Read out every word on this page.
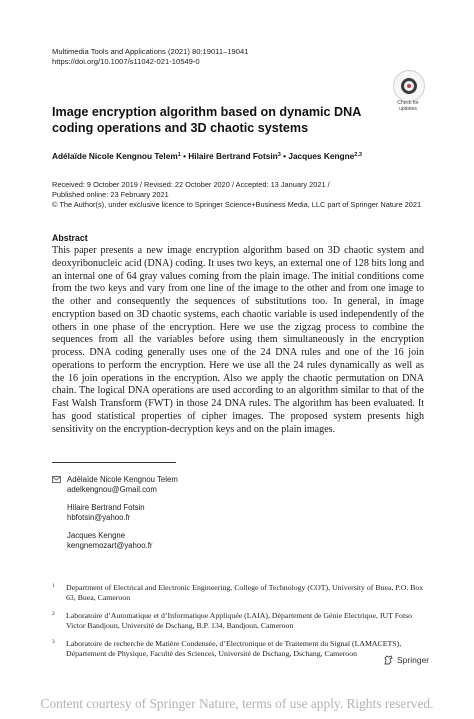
Multimedia Tools and Applications (2021) 80:19011–19041
https://doi.org/10.1007/s11042-021-10549-0
Check for updates
Image encryption algorithm based on dynamic DNA coding operations and 3D chaotic systems
Adélaïde Nicole Kengnou Telem$^1$ • Hilaire Bertrand Fotsin$^3$ • Jacques Kengne$^{2,3}$
Received: 9 October 2019 / Revised: 22 October 2020 / Accepted: 13 January 2021 /
Published online: 23 February 2021
© The Author(s), under exclusive licence to Springer Science+Business Media, LLC part of Springer Nature 2021
Abstract
This paper presents a new image encryption algorithm based on 3D chaotic system and deoxyribonucleic acid (DNA) coding. It uses two keys, an external one of 128 bits long and an internal one of 64 gray values coming from the plain image. The initial conditions come from the two keys and vary from one line of the image to the other and from one image to the other and consequently the sequences of substitutions too. In general, in image encryption based on 3D chaotic systems, each chaotic variable is used independently of the others in one phase of the encryption. Here we use the zigzag process to combine the sequences from all the variables before using them simultaneously in the encryption process. DNA coding generally uses one of the 24 DNA rules and one of the 16 join operations to perform the encryption. Here we use all the 24 rules dynamically as well as the 16 join operations in the encryption. Also we apply the chaotic permutation on DNA chain. The logical DNA operations are used according to an algorithm similar to that of the Fast Walsh Transform (FWT) in those 24 DNA rules. The algorithm has been evaluated. It has good statistical properties of cipher images. The proposed system presents high sensitivity on the encryption-decryption keys and on the plain images.
Adélaïde Nicole Kengnou Telem
adelkengnou@Gmail.com
Hilaire Bertrand Fotsin
hbfotsin@yahoo.fr
Jacques Kengne
kengnemozart@yahoo.fr
1 Department of Electrical and Electronic Engineering, College of Technology (COT), University of Buea, P.O. Box 63, Buea, Cameroon
2 Laboratoire d’Automatique et d’Informatique Appliquée (LAIA), Département de Génie Electrique, IUT Fotso Victor Bandjoun, Université de Dschang, B.P. 134, Bandjoun, Cameroon
3 Laboratoire de recherche de Matière Condensée, d’Electronique et de Traitement du Signal (LAMACETS), Département de Physique, Faculté des Sciences, Université de Dschang, Dschang, Cameroon
Springer
Content courtesy of Springer Nature, terms of use apply. Rights reserved.
